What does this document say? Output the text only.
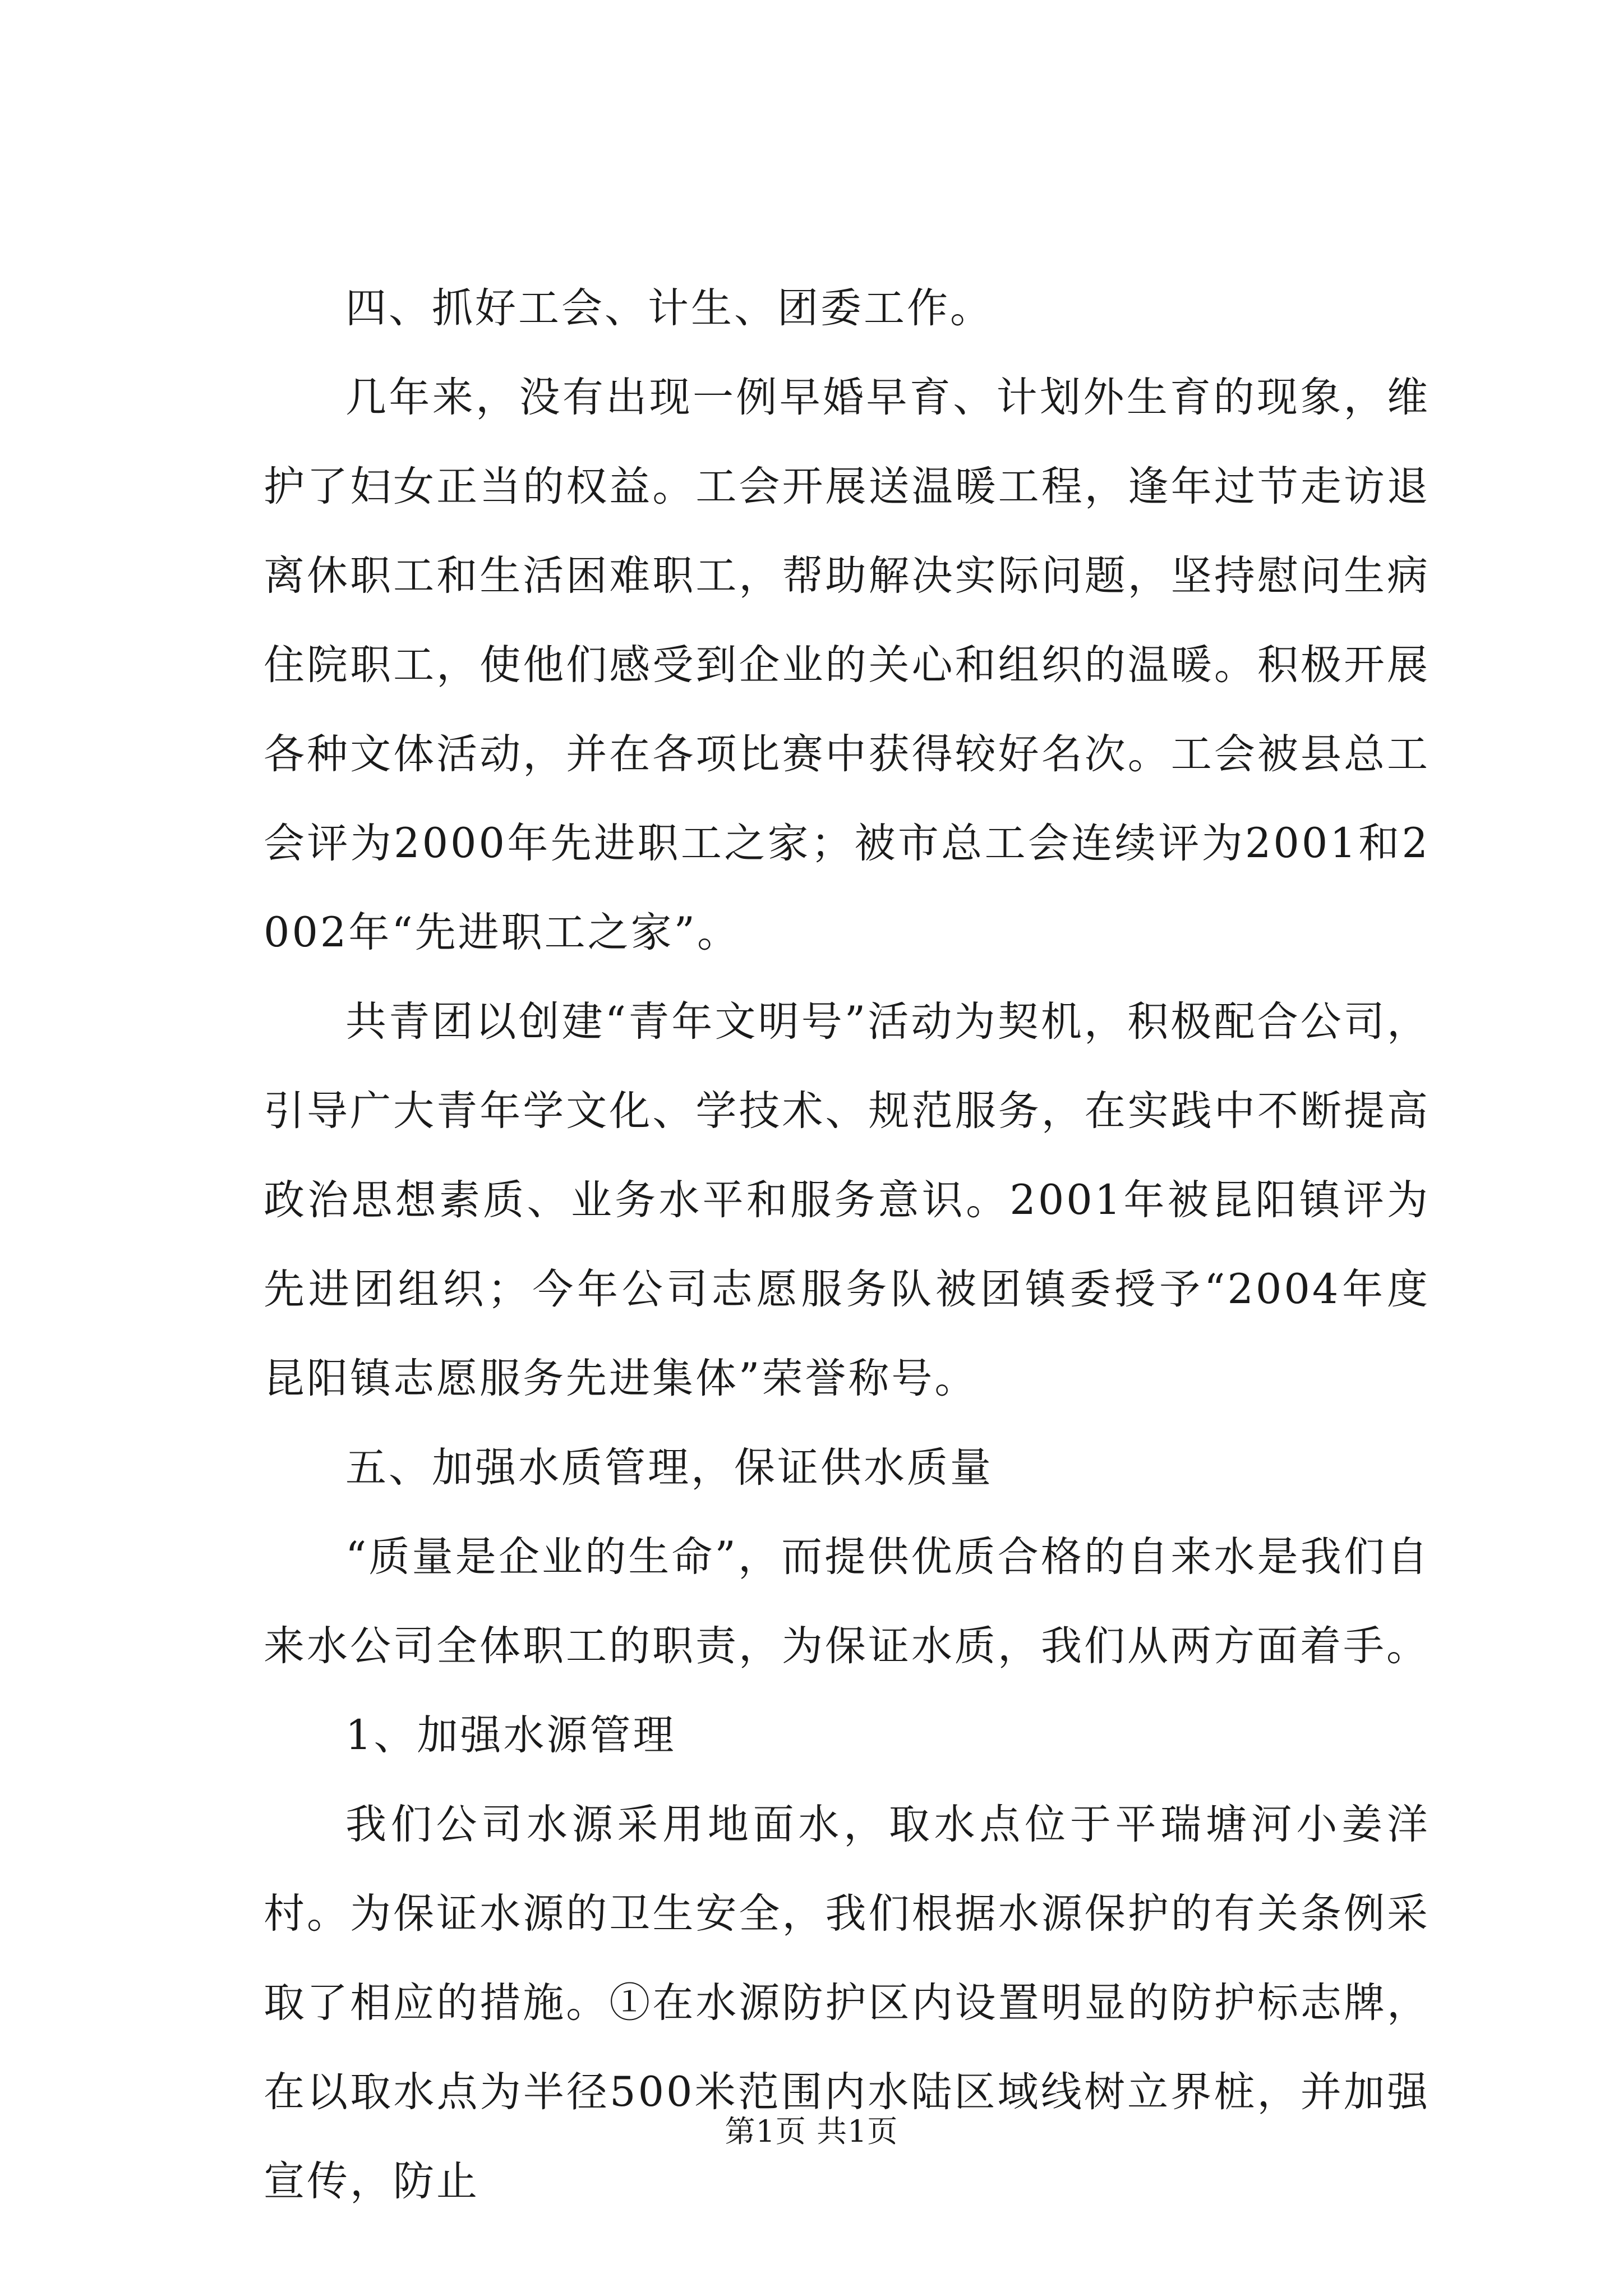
四、抓好工会、计生、团委工作。

几年来，没有出现一例早婚早育、计划外生育的现象，维护了妇女正当的权益。工会开展送温暖工程，逢年过节走访退离休职工和生活困难职工，帮助解决实际问题，坚持慰问生病住院职工，使他们感受到企业的关心和组织的温暖。积极开展各种文体活动，并在各项比赛中获得较好名次。工会被县总工会评为2000年先进职工之家；被市总工会连续评为2001和2002年“先进职工之家”。

共青团以创建“青年文明号”活动为契机，积极配合公司，引导广大青年学文化、学技术、规范服务，在实践中不断提高政治思想素质、业务水平和服务意识。2001年被昆阳镇评为先进团组织；今年公司志愿服务队被团镇委授予“2004年度昆阳镇志愿服务先进集体”荣誉称号。

五、加强水质管理，保证供水质量

“质量是企业的生命”，而提供优质合格的自来水是我们自来水公司全体职工的职责，为保证水质，我们从两方面着手。

1、加强水源管理

我们公司水源采用地面水，取水点位于平瑞塘河小姜洋村。为保证水源的卫生安全，我们根据水源保护的有关条例采取了相应的措施。①在水源防护区内设置明显的防护标志牌，在以取水点为半径500米范围内水陆区域线树立界桩，并加强宣传，防止

第1页 共1页
